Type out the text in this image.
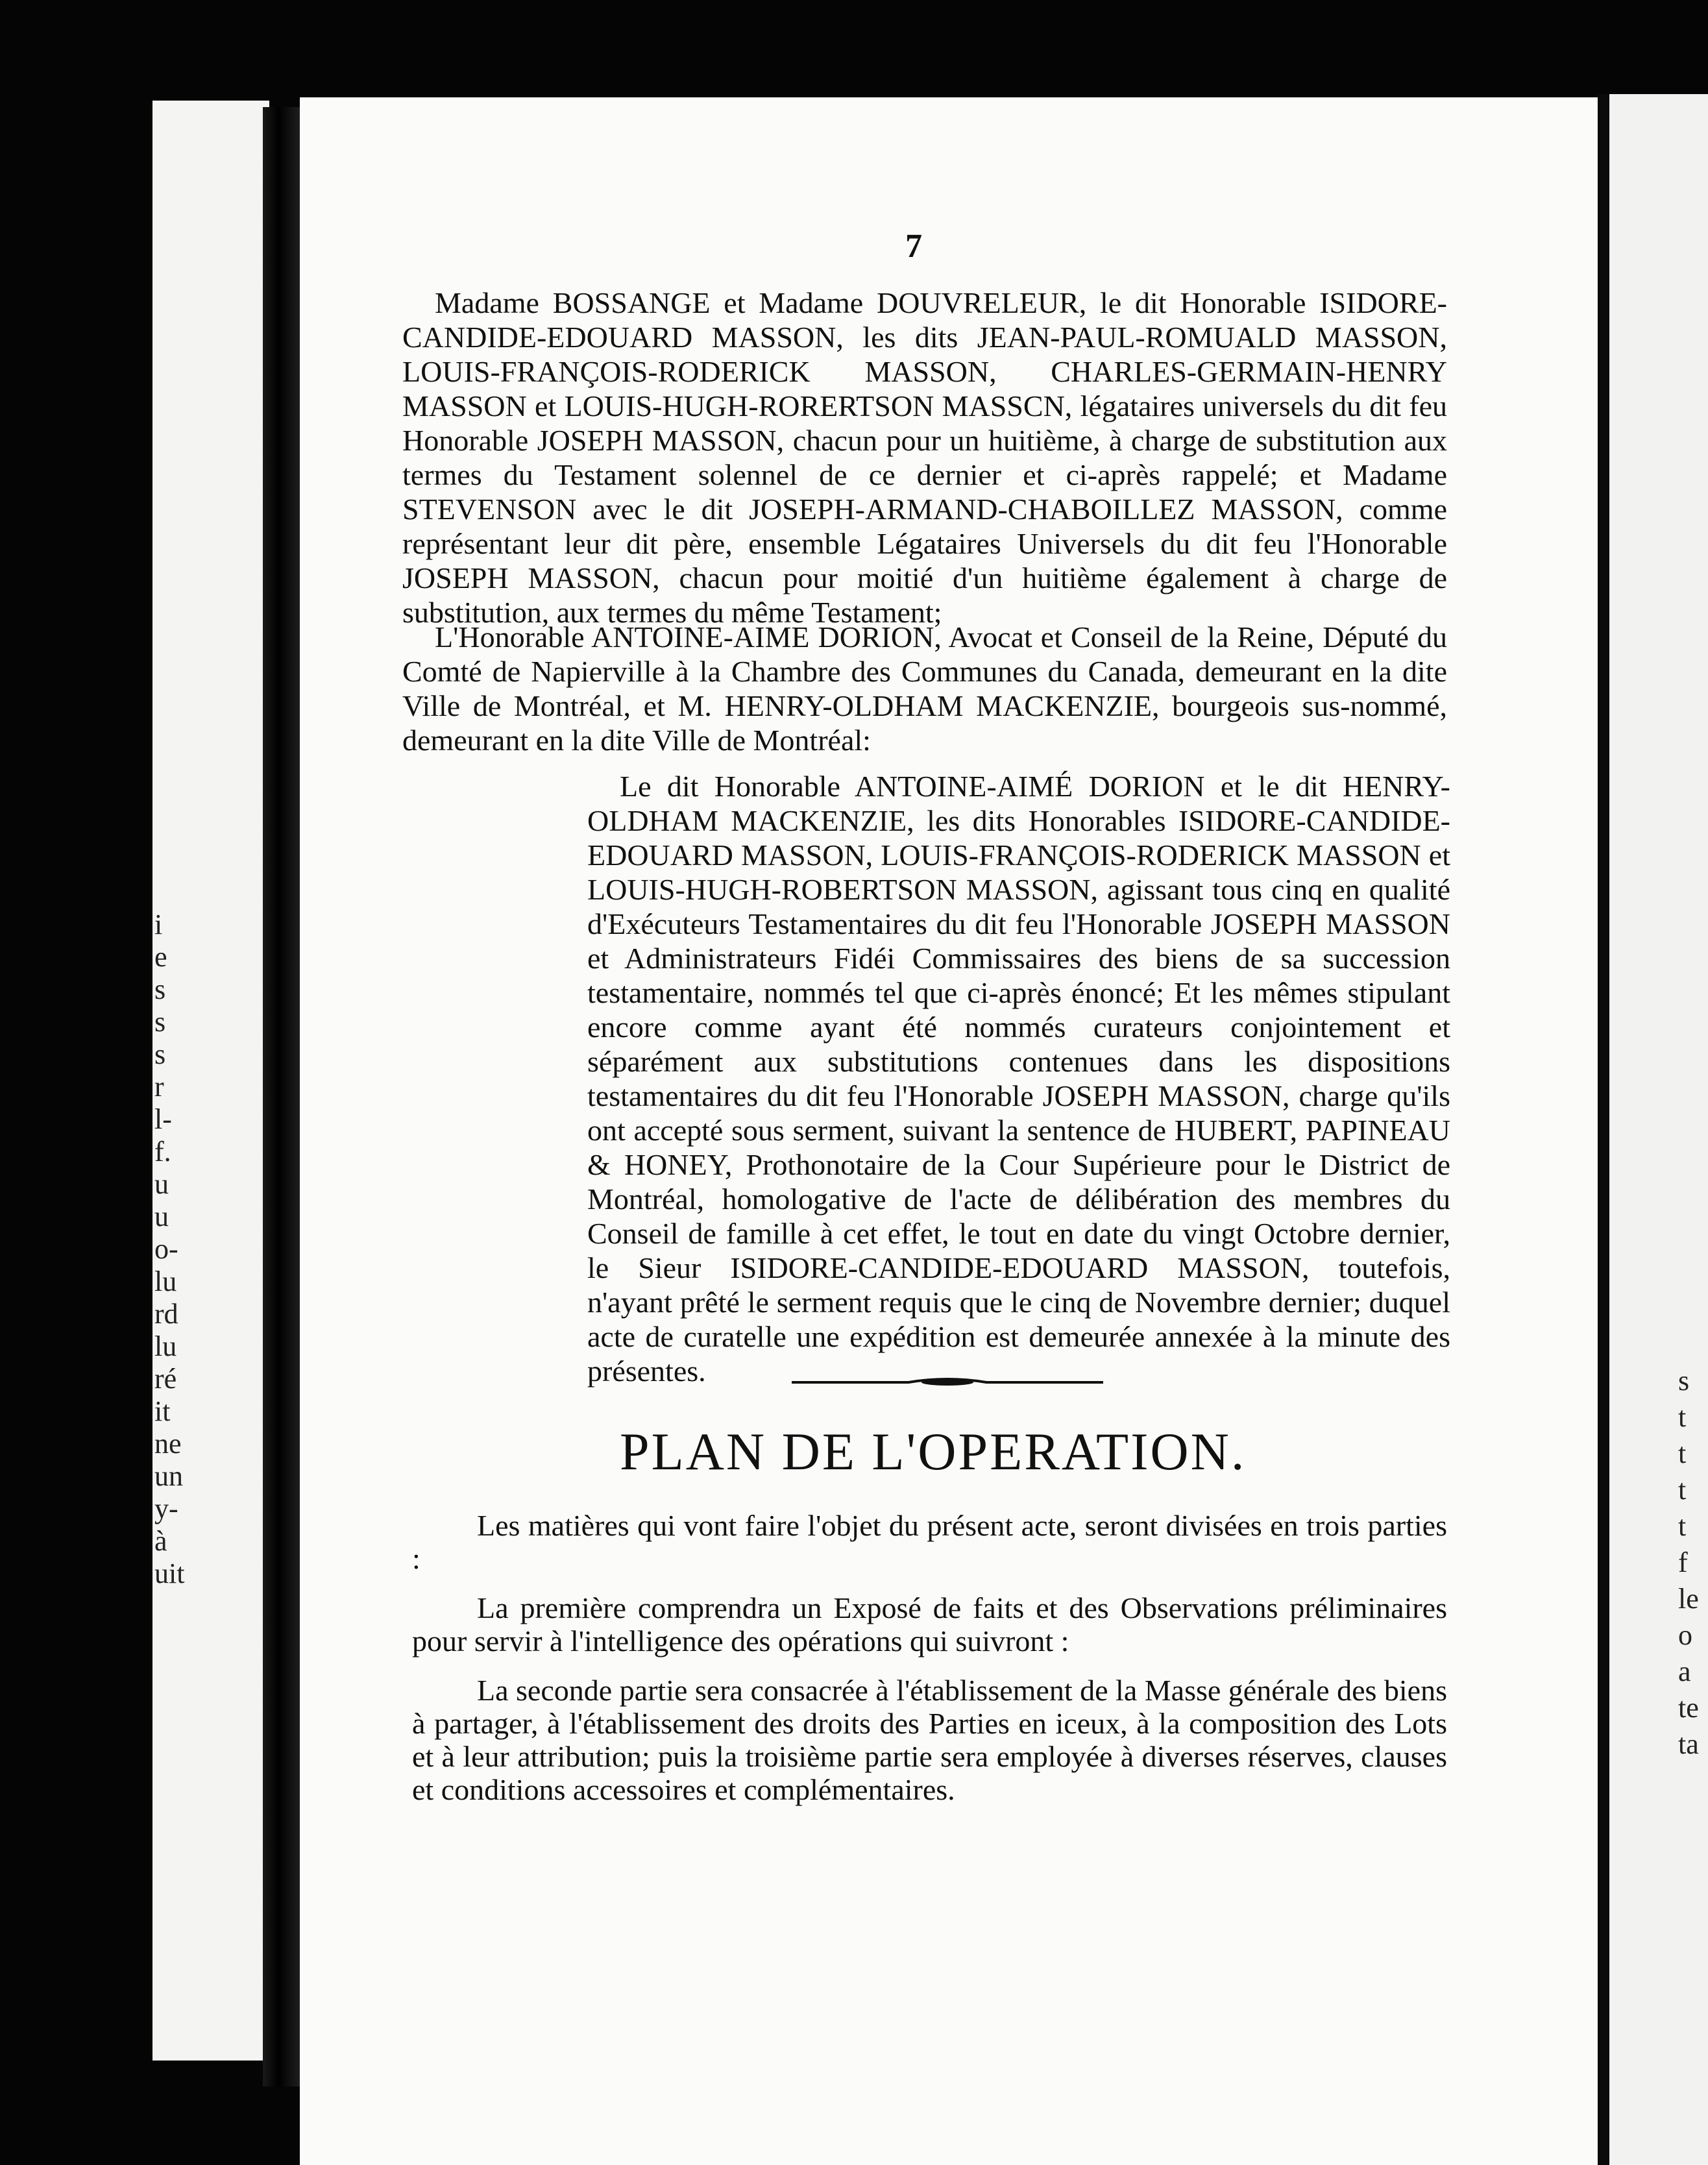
i
e
s
s
s
r
l-
f.
u
u
o-
lu
rd
lu
ré
it
ne
un
y-
à
uit
s
t
t
t
t
f
le
o
a
te
ta
7

Madame BOSSANGE et Madame DOUVRELEUR, le dit Honorable ISIDORE-CANDIDE-EDOUARD MASSON, les dits JEAN-PAUL-ROMUALD MASSON, LOUIS-FRANÇOIS-RODERICK MASSON, CHARLES-GERMAIN-HENRY MASSON et LOUIS-HUGH-RORERTSON MASSCN, légataires universels du dit feu Honorable JOSEPH MASSON, chacun pour un huitième, à charge de substitution aux termes du Testament solennel de ce dernier et ci-après rappelé; et Madame STEVENSON avec le dit JOSEPH-ARMAND-CHABOILLEZ MASSON, comme représentant leur dit père, ensemble Légataires Universels du dit feu l'Honorable JOSEPH MASSON, chacun pour moitié d'un huitième également à charge de substitution, aux termes du même Testament;

L'Honorable ANTOINE-AIME DORION, Avocat et Conseil de la Reine, Député du Comté de Napierville à la Chambre des Communes du Canada, demeurant en la dite Ville de Montréal, et M. HENRY-OLDHAM MACKENZIE, bourgeois sus-nommé, demeurant en la dite Ville de Montréal:

Le dit Honorable ANTOINE-AIMÉ DORION et le dit HENRY-OLDHAM MACKENZIE, les dits Honorables ISIDORE-CANDIDE-EDOUARD MASSON, LOUIS-FRANÇOIS-RODERICK MASSON et LOUIS-HUGH-ROBERTSON MASSON, agissant tous cinq en qualité d'Exécuteurs Testamentaires du dit feu l'Honorable JOSEPH MASSON et Administrateurs Fidéi Commissaires des biens de sa succession testamentaire, nommés tel que ci-après énoncé; Et les mêmes stipulant encore comme ayant été nommés curateurs conjointement et séparément aux substitutions contenues dans les dispositions testamentaires du dit feu l'Honorable JOSEPH MASSON, charge qu'ils ont accepté sous serment, suivant la sentence de HUBERT, PAPINEAU & HONEY, Prothonotaire de la Cour Supérieure pour le District de Montréal, homologative de l'acte de délibération des membres du Conseil de famille à cet effet, le tout en date du vingt Octobre dernier, le Sieur ISIDORE-CANDIDE-EDOUARD MASSON, toutefois, n'ayant prêté le serment requis que le cinq de Novembre dernier; duquel acte de curatelle une expédition est demeurée annexée à la minute des présentes.

PLAN DE L'OPERATION.

Les matières qui vont faire l'objet du présent acte, seront divisées en trois parties :

La première comprendra un Exposé de faits et des Observations préliminaires pour servir à l'intelligence des opérations qui suivront :

La seconde partie sera consacrée à l'établissement de la Masse générale des biens à partager, à l'établissement des droits des Parties en iceux, à la composition des Lots et à leur attribution; puis la troisième partie sera employée à diverses réserves, clauses et conditions accessoires et complémentaires.
